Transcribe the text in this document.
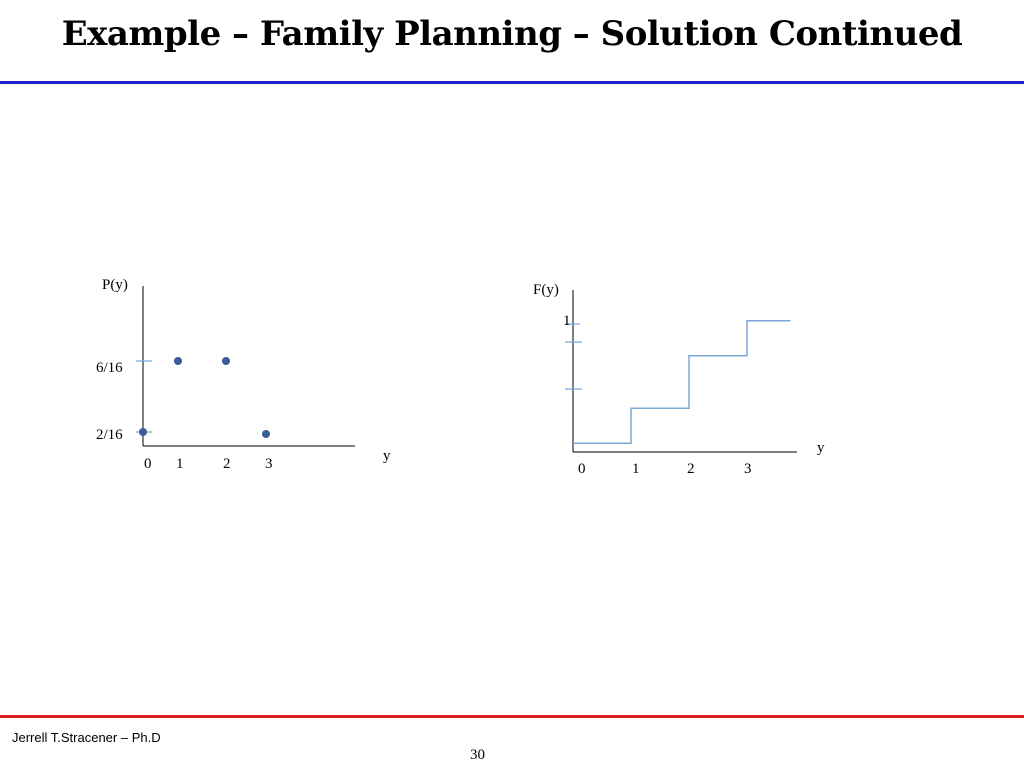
Example – Family Planning – Solution Continued
P(y)
6/16
2/16
y
0 1	2 3
F(y)
1
y
0	1	2	3
Jerrell T.Stracener – Ph.D
30
